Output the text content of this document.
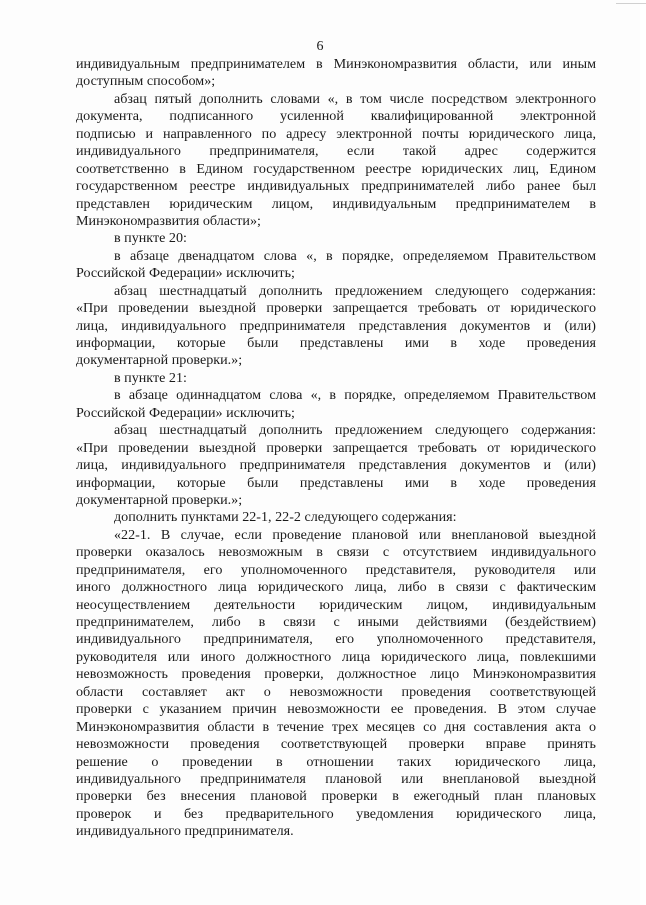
—————
6
индивидуальным предпринимателем в Минэкономразвития области, или иным
доступным способом»;
абзац пятый дополнить словами «, в том числе посредством электронного
документа, подписанного усиленной квалифицированной электронной
подписью и направленного по адресу электронной почты юридического лица,
индивидуального предпринимателя, если такой адрес содержится
соответственно в Едином государственном реестре юридических лиц, Едином
государственном реестре индивидуальных предпринимателей либо ранее был
представлен юридическим лицом, индивидуальным предпринимателем в
Минэкономразвития области»;
в пункте 20:
в абзаце двенадцатом слова «, в порядке, определяемом Правительством
Российской Федерации» исключить;
абзац шестнадцатый дополнить предложением следующего содержания:
«При проведении выездной проверки запрещается требовать от юридического
лица, индивидуального предпринимателя представления документов и (или)
информации, которые были представлены ими в ходе проведения
документарной проверки.»;
в пункте 21:
в абзаце одиннадцатом слова «, в порядке, определяемом Правительством
Российской Федерации» исключить;
абзац шестнадцатый дополнить предложением следующего содержания:
«При проведении выездной проверки запрещается требовать от юридического
лица, индивидуального предпринимателя представления документов и (или)
информации, которые были представлены ими в ходе проведения
документарной проверки.»;
дополнить пунктами 22-1, 22-2 следующего содержания:
«22-1. В случае, если проведение плановой или внеплановой выездной
проверки оказалось невозможным в связи с отсутствием индивидуального
предпринимателя, его уполномоченного представителя, руководителя или
иного должностного лица юридического лица, либо в связи с фактическим
неосуществлением деятельности юридическим лицом, индивидуальным
предпринимателем, либо в связи с иными действиями (бездействием)
индивидуального предпринимателя, его уполномоченного представителя,
руководителя или иного должностного лица юридического лица, повлекшими
невозможность проведения проверки, должностное лицо Минэкономразвития
области составляет акт о невозможности проведения соответствующей
проверки с указанием причин невозможности ее проведения. В этом случае
Минэкономразвития области в течение трех месяцев со дня составления акта о
невозможности проведения соответствующей проверки вправе принять
решение о проведении в отношении таких юридического лица,
индивидуального предпринимателя плановой или внеплановой выездной
проверки без внесения плановой проверки в ежегодный план плановых
проверок и без предварительного уведомления юридического лица,
индивидуального предпринимателя.
